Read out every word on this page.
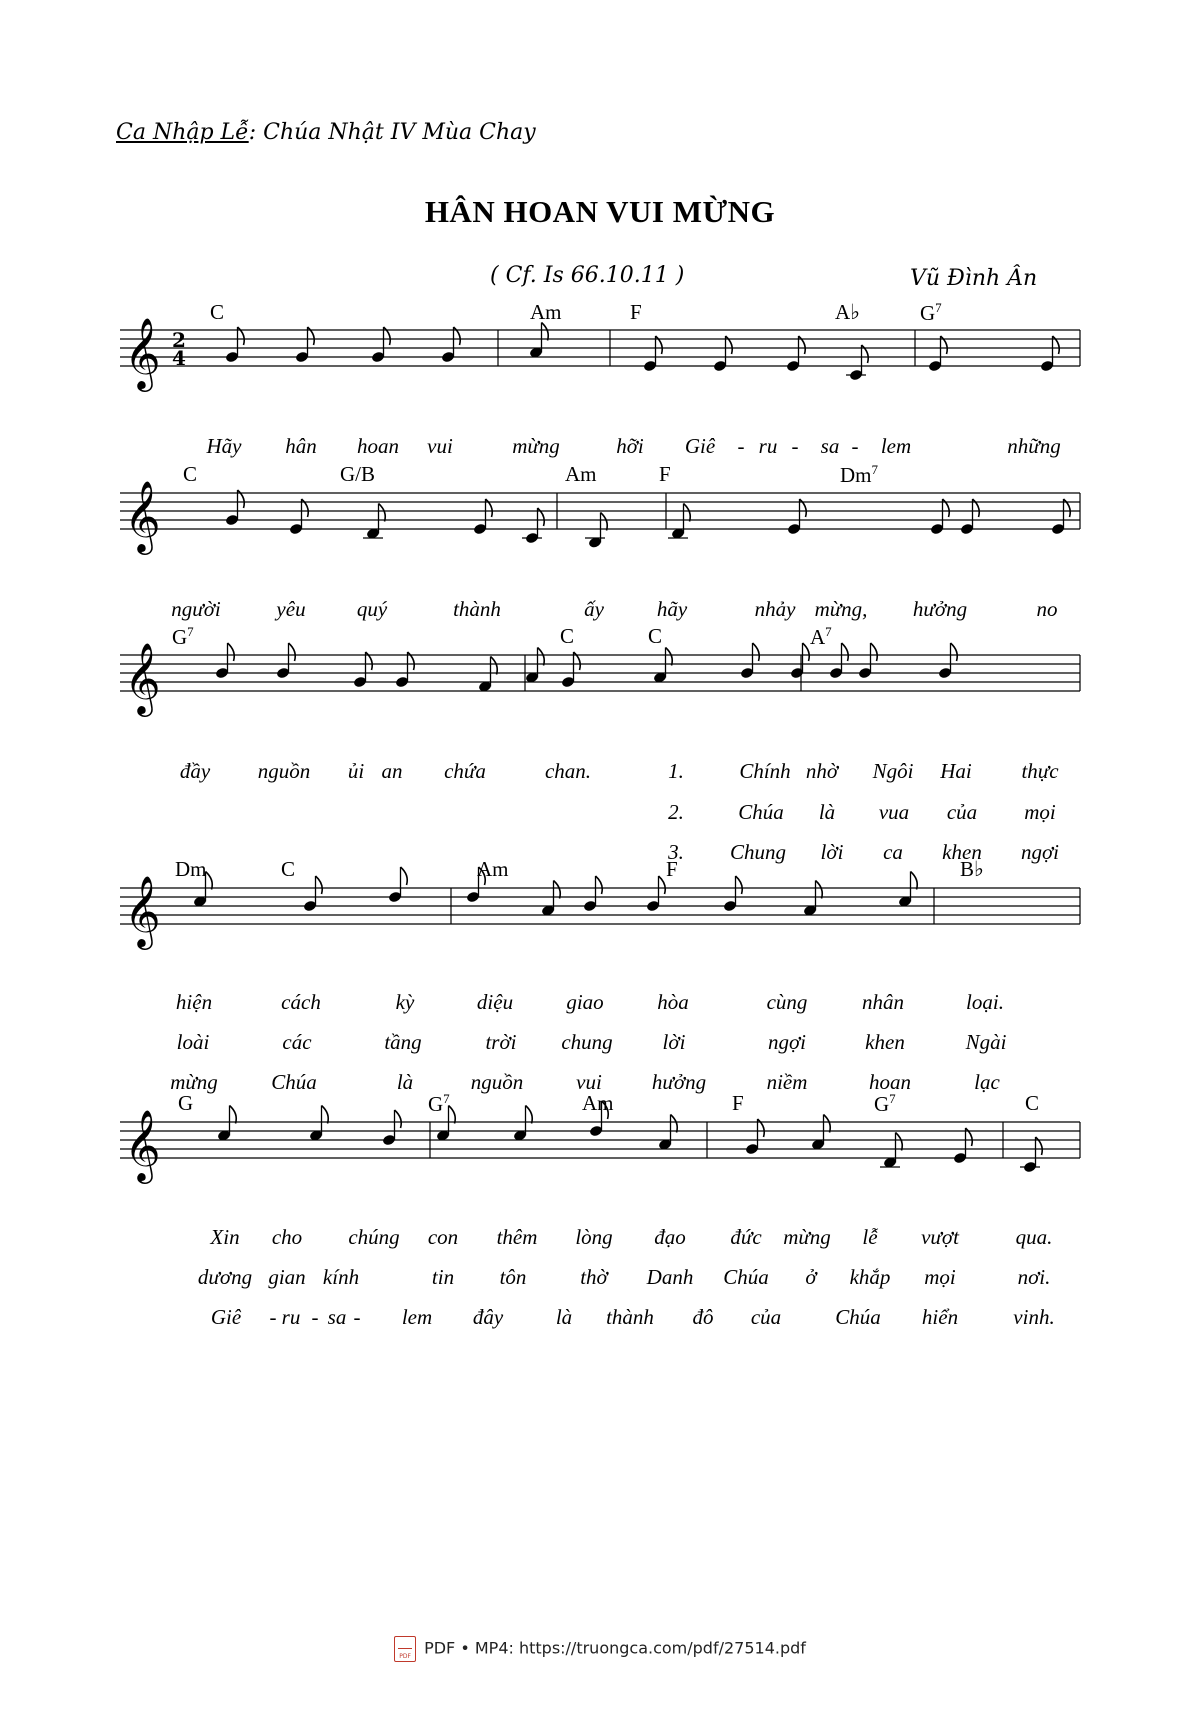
Ca Nhập Lễ: Chúa Nhật IV Mùa Chay
HÂN HOAN VUI MỪNG
( Cf. Is 66.10.11 )	Vũ Đình Ân
𝄞 2
4
C	Am	F	A♭	$G^7$
Hãy hân hoan vui	mừng	hỡi Giê - ru - sa - lem	những
𝄞
C	G/B	Am	F	Dm$^7$
người	yêu quý	thành	ấy	hãy	nhảy mừng, hưởng	no
𝄞
$G^7$	C	C	$A^7$
đầy nguồn ủi an chứa	chan.	1.	Chính nhờ Ngôi Hai thực
2.	Chúa là vua của mọi
3. Chung lời ca khen ngợi
𝄞
Dm	C	Am	F	B♭
hiện	cách	kỳ	diệu	giao	hòa	cùng	nhân	loại.
loài	các	tầng	trời chung lời	ngợi	khen	Ngài
mừng	Chúa	là	nguồn	vui hưởng	niềm	hoan	lạc
𝄞
G	$G^7$	Am	F	$G^7$	C
Xin cho chúng con thêm lòng đạo đức mừng lễ vượt	qua.
dương gian kính	tin tôn	thờ Danh Chúa ở khắp mọi	nơi.
Giê - ru - sa - lem đây	là thành đô của	Chúa hiển	vinh.
PDF PDF • MP4: https://truongca.com/pdf/27514.pdf
